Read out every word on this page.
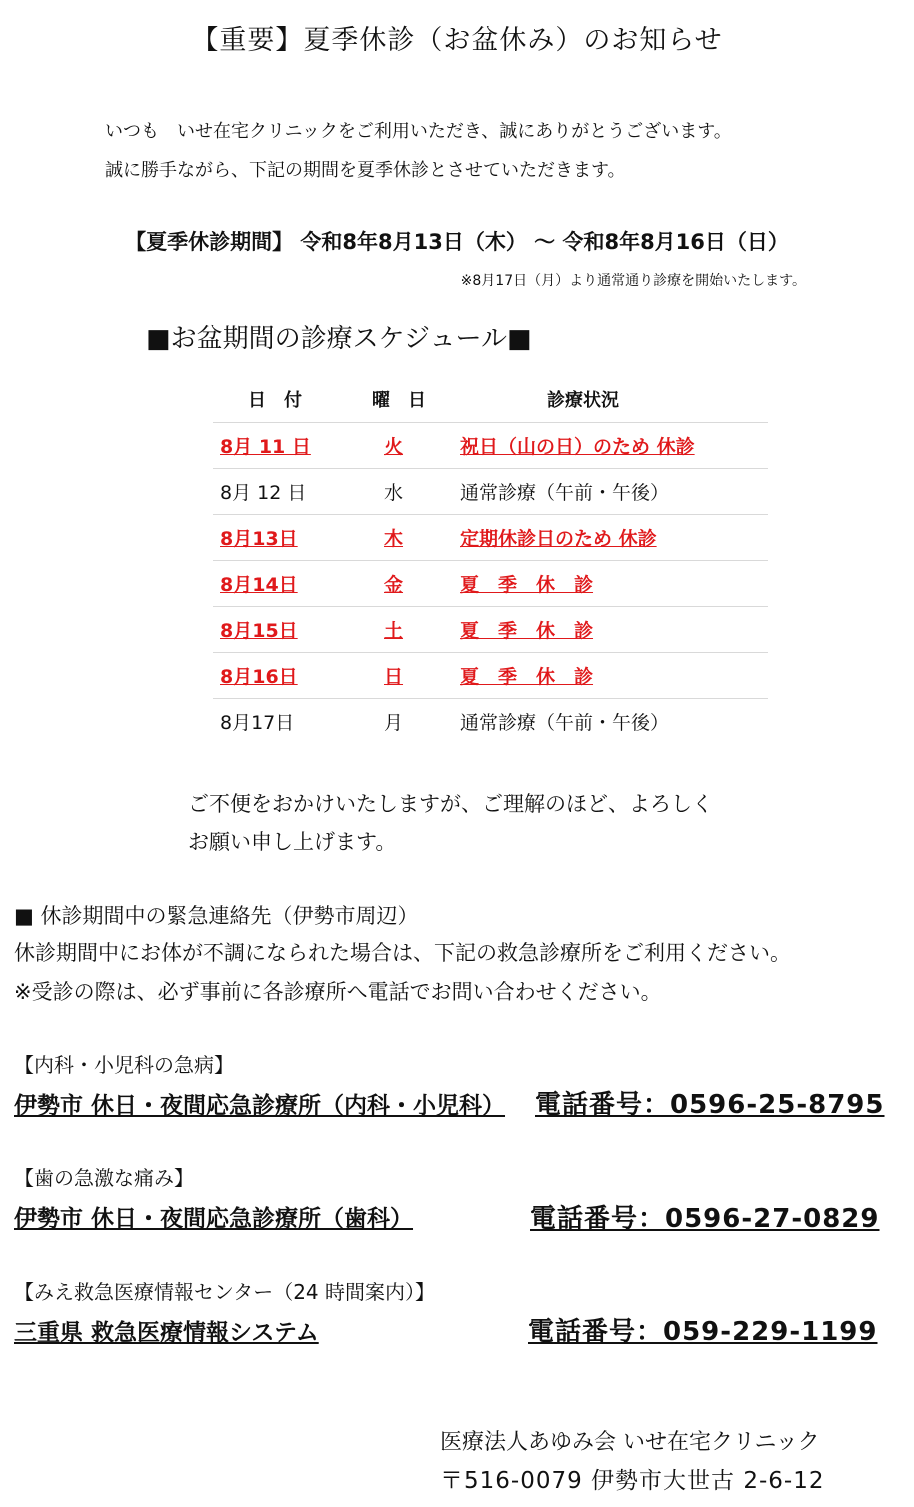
【重要】夏季休診（お盆休み）のお知らせ
いつも　いせ在宅クリニックをご利用いただき、誠にありがとうございます。
誠に勝手ながら、下記の期間を夏季休診とさせていただきます。
【夏季休診期間】 令和8年8月13日（木） ～ 令和8年8月16日（日）
※8月17日（月）より通常通り診療を開始いたします。
■お盆期間の診療スケジュール■
日　付	曜　日	診療状況
8月 11 日	火	祝日（山の日）のため 休診
8月 12 日	水	通常診療（午前・午後）
8月13日	木	定期休診日のため 休診
8月14日	金	夏　季　休　診
8月15日	土	夏　季　休　診
8月16日	日	夏　季　休　診
8月17日	月	通常診療（午前・午後）
ご不便をおかけいたしますが、ご理解のほど、よろしく
お願い申し上げます。
■ 休診期間中の緊急連絡先（伊勢市周辺）
休診期間中にお体が不調になられた場合は、下記の救急診療所をご利用ください。
※受診の際は、必ず事前に各診療所へ電話でお問い合わせください。
【内科・小児科の急病】
伊勢市 休日・夜間応急診療所（内科・小児科） 電話番号：0596-25-8795
【歯の急激な痛み】
伊勢市 休日・夜間応急診療所（歯科）	電話番号：0596-27-0829
【みえ救急医療情報センター（24 時間案内）】
三重県 救急医療情報システム	電話番号：059-229-1199
医療法人あゆみ会 いせ在宅クリニック
〒516-0079 伊勢市大世古 2-6-12
